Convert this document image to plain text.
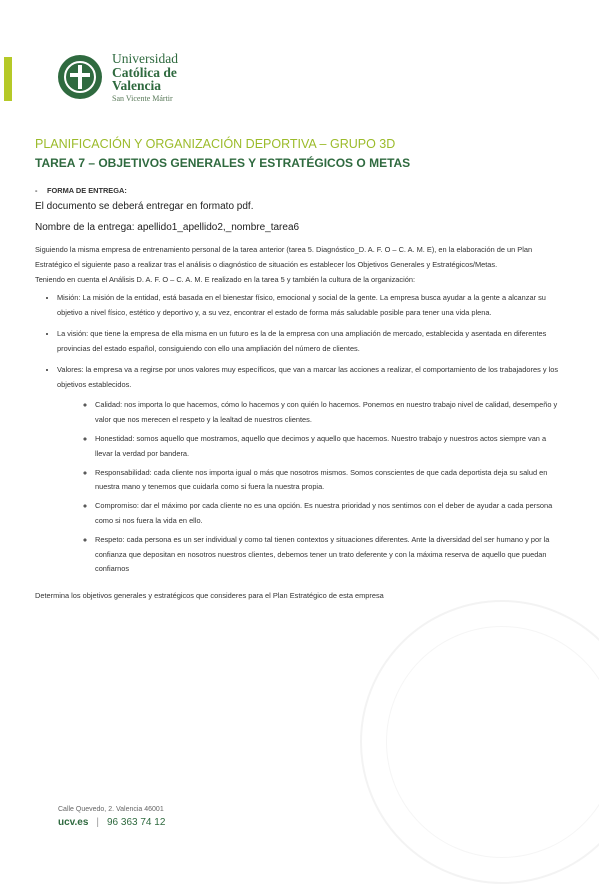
Universidad
Católica de
Valencia
San Vicente Mártir
PLANIFICACIÓN Y ORGANIZACIÓN DEPORTIVA – GRUPO 3D
TAREA 7 – OBJETIVOS GENERALES Y ESTRATÉGICOS O METAS
-	FORMA DE ENTREGA:

El documento se deberá entregar en formato pdf.

Nombre de la entrega: apellido1_apellido2,_nombre_tarea6

Siguiendo la misma empresa de entrenamiento personal de la tarea anterior (tarea 5. Diagnóstico_D. A. F. O – C. A. M. E), en la elaboración de un Plan Estratégico el siguiente paso a realizar tras el análisis o diagnóstico de situación es establecer los Objetivos Generales y Estratégicos/Metas.

Teniendo en cuenta el Análisis D. A. F. O – C. A. M. E realizado en la tarea 5 y también la cultura de la organización:

• Misión: La misión de la entidad, está basada en el bienestar físico, emocional y social de la gente. La empresa busca ayudar a la gente a alcanzar su objetivo a nivel físico, estético y deportivo y, a su vez, encontrar el estado de forma más saludable posible para tener una vida plena.
• La visión: que tiene la empresa de ella misma en un futuro es la de la empresa con una ampliación de mercado, establecida y asentada en diferentes provincias del estado español, consiguiendo con ello una ampliación del número de clientes.
• Valores: la empresa va a regirse por unos valores muy específicos, que van a marcar las acciones a realizar, el comportamiento de los trabajadores y los objetivos establecidos.
◦ Calidad: nos importa lo que hacemos, cómo lo hacemos y con quién lo hacemos. Ponemos en nuestro trabajo nivel de calidad, desempeño y valor que nos merecen el respeto y la lealtad de nuestros clientes.
◦ Honestidad: somos aquello que mostramos, aquello que decimos y aquello que hacemos. Nuestro trabajo y nuestros actos siempre van a llevar la verdad por bandera.
◦ Responsabilidad: cada cliente nos importa igual o más que nosotros mismos. Somos conscientes de que cada deportista deja su salud en nuestra mano y tenemos que cuidarla como si fuera la nuestra propia.
◦ Compromiso: dar el máximo por cada cliente no es una opción. Es nuestra prioridad y nos sentimos con el deber de ayudar a cada persona como si nos fuera la vida en ello.
◦ Respeto: cada persona es un ser individual y como tal tienen contextos y situaciones diferentes. Ante la diversidad del ser humano y por la confianza que depositan en nosotros nuestros clientes, debemos tener un trato deferente y con la máxima reserva de aquello que puedan confiarnos

Determina los objetivos generales y estratégicos que consideres para el Plan Estratégico de esta empresa

Calle Quevedo, 2. Valencia 46001
ucv.es | 96 363 74 12
